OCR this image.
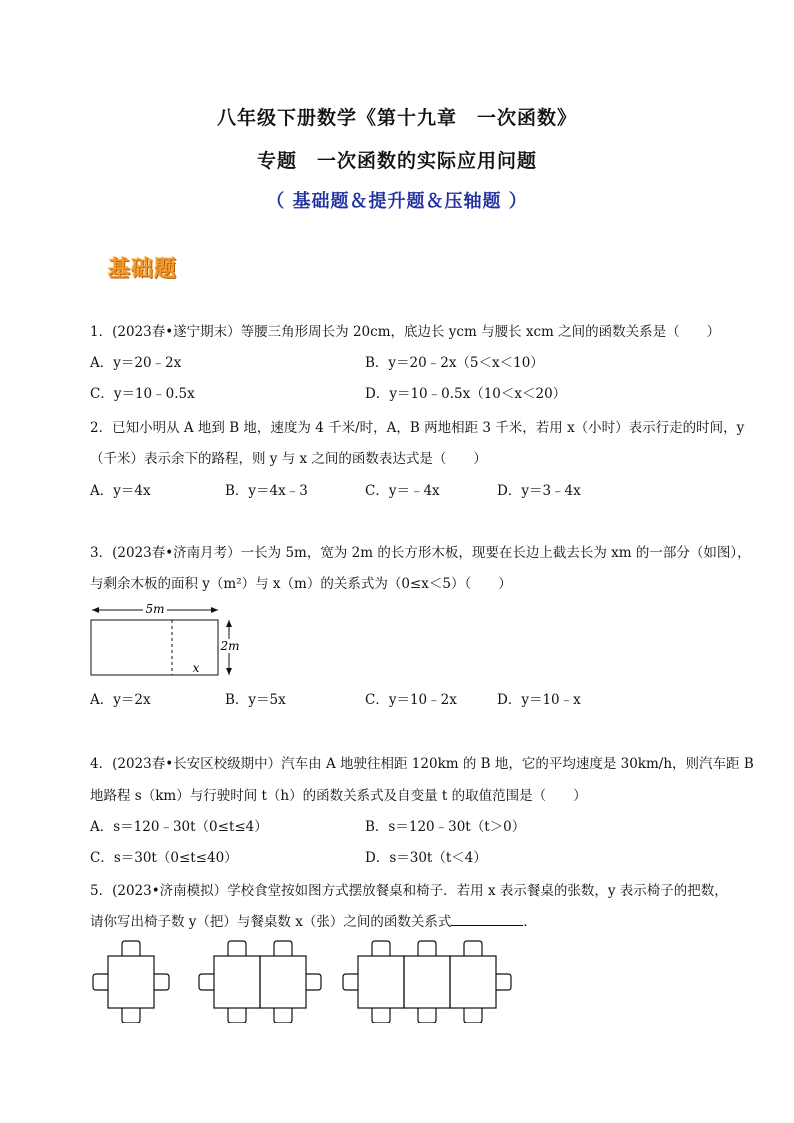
八年级下册数学《第十九章　一次函数》
专题　一次函数的实际应用问题
（ 基础题＆提升题＆压轴题 ）
基础题
1．(2023春•遂宁期末）等腰三角形周长为 20cm，底边长 ycm 与腰长 xcm 之间的函数关系是（　　）
A．y＝20﹣2x	B．y＝20﹣2x（5＜x＜10）
C．y＝10﹣0.5x	D．y＝10﹣0.5x（10＜x＜20）
2．已知小明从 A 地到 B 地，速度为 4 千米/时，A，B 两地相距 3 千米，若用 x（小时）表示行走的时间，y
（千米）表示余下的路程，则 y 与 x 之间的函数表达式是（　　）
A．y＝4x	B．y＝4x﹣3	C．y＝﹣4x	D．y＝3﹣4x
3．(2023春•济南月考）一长为 5m，宽为 2m 的长方形木板，现要在长边上截去长为 xm 的一部分（如图），
与剩余木板的面积 y（m²）与 x（m）的关系式为（0≤x＜5）（　　）
5m
2m
x
A．y＝2x	B．y＝5x	C．y＝10﹣2x	D．y＝10﹣x
4．(2023春•长安区校级期中）汽车由 A 地驶往相距 120km 的 B 地，它的平均速度是 30km/h，则汽车距 B
地路程 s（km）与行驶时间 t（h）的函数关系式及自变量 t 的取值范围是（　　）
A．s＝120﹣30t（0≤t≤4）	B．s＝120﹣30t（t＞0）
C．s＝30t（0≤t≤40）	D．s＝30t（t＜4）
5．(2023•济南模拟）学校食堂按如图方式摆放餐桌和椅子．若用 x 表示餐桌的张数，y 表示椅子的把数，
请你写出椅子数 y（把）与餐桌数 x（张）之间的函数关系式	．
